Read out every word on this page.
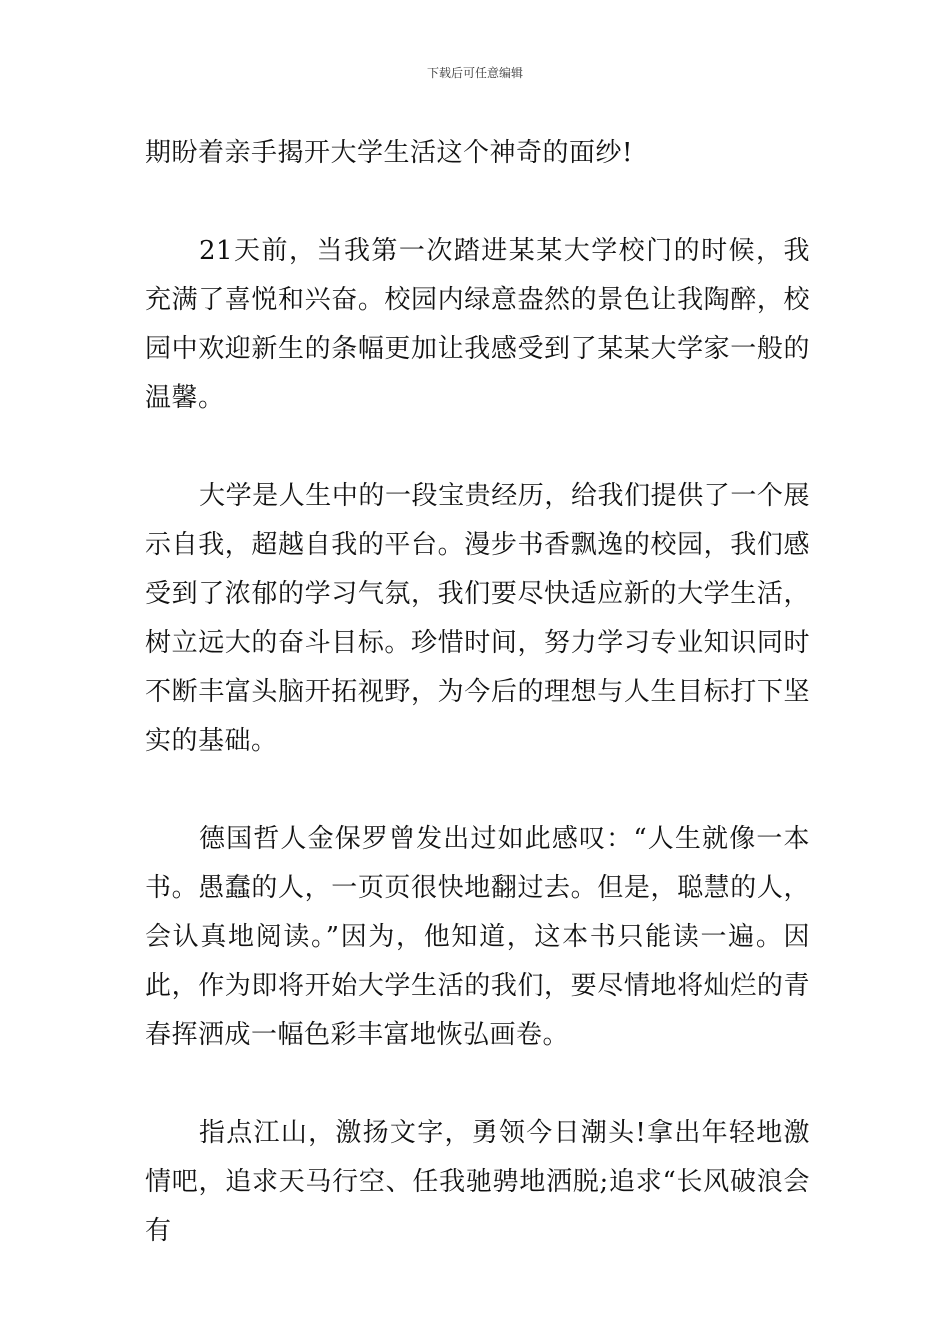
下载后可任意编辑

期盼着亲手揭开大学生活这个神奇的面纱!

21天前，当我第一次踏进某某大学校门的时候，我充满了喜悦和兴奋。校园内绿意盎然的景色让我陶醉，校园中欢迎新生的条幅更加让我感受到了某某大学家一般的温馨。

大学是人生中的一段宝贵经历，给我们提供了一个展示自我，超越自我的平台。漫步书香飘逸的校园，我们感受到了浓郁的学习气氛，我们要尽快适应新的大学生活，树立远大的奋斗目标。珍惜时间，努力学习专业知识同时不断丰富头脑开拓视野，为今后的理想与人生目标打下坚实的基础。

德国哲人金保罗曾发出过如此感叹：“人生就像一本书。愚蠢的人，一页页很快地翻过去。但是，聪慧的人，会认真地阅读。”因为，他知道，这本书只能读一遍。因此，作为即将开始大学生活的我们，要尽情地将灿烂的青春挥洒成一幅色彩丰富地恢弘画卷。

指点江山，激扬文字，勇领今日潮头!拿出年轻地激情吧，追求天马行空、任我驰骋地洒脱;追求“长风破浪会有
